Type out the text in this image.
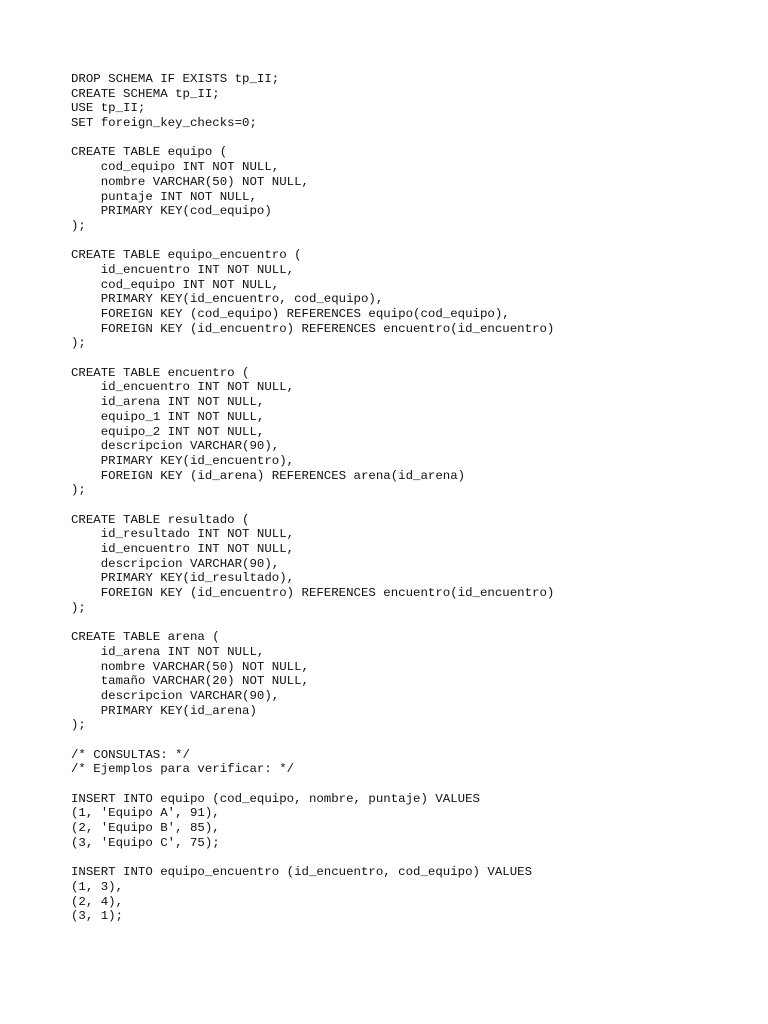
DROP SCHEMA IF EXISTS tp_II;
CREATE SCHEMA tp_II;
USE tp_II;
SET foreign_key_checks=0;
CREATE TABLE equipo (
cod_equipo INT NOT NULL,
nombre VARCHAR(50) NOT NULL,
puntaje INT NOT NULL,
PRIMARY KEY(cod_equipo)
);
CREATE TABLE equipo_encuentro (
id_encuentro INT NOT NULL,
cod_equipo INT NOT NULL,
PRIMARY KEY(id_encuentro, cod_equipo),
FOREIGN KEY (cod_equipo) REFERENCES equipo(cod_equipo),
FOREIGN KEY (id_encuentro) REFERENCES encuentro(id_encuentro)
);
CREATE TABLE encuentro (
id_encuentro INT NOT NULL,
id_arena INT NOT NULL,
equipo_1 INT NOT NULL,
equipo_2 INT NOT NULL,
descripcion VARCHAR(90),
PRIMARY KEY(id_encuentro),
FOREIGN KEY (id_arena) REFERENCES arena(id_arena)
);
CREATE TABLE resultado (
id_resultado INT NOT NULL,
id_encuentro INT NOT NULL,
descripcion VARCHAR(90),
PRIMARY KEY(id_resultado),
FOREIGN KEY (id_encuentro) REFERENCES encuentro(id_encuentro)
);
CREATE TABLE arena (
id_arena INT NOT NULL,
nombre VARCHAR(50) NOT NULL,
tamaño VARCHAR(20) NOT NULL,
descripcion VARCHAR(90),
PRIMARY KEY(id_arena)
);
/* CONSULTAS: */
/* Ejemplos para verificar: */
INSERT INTO equipo (cod_equipo, nombre, puntaje) VALUES
(1, 'Equipo A', 91),
(2, 'Equipo B', 85),
(3, 'Equipo C', 75);
INSERT INTO equipo_encuentro (id_encuentro, cod_equipo) VALUES
(1, 3),
(2, 4),
(3, 1);
